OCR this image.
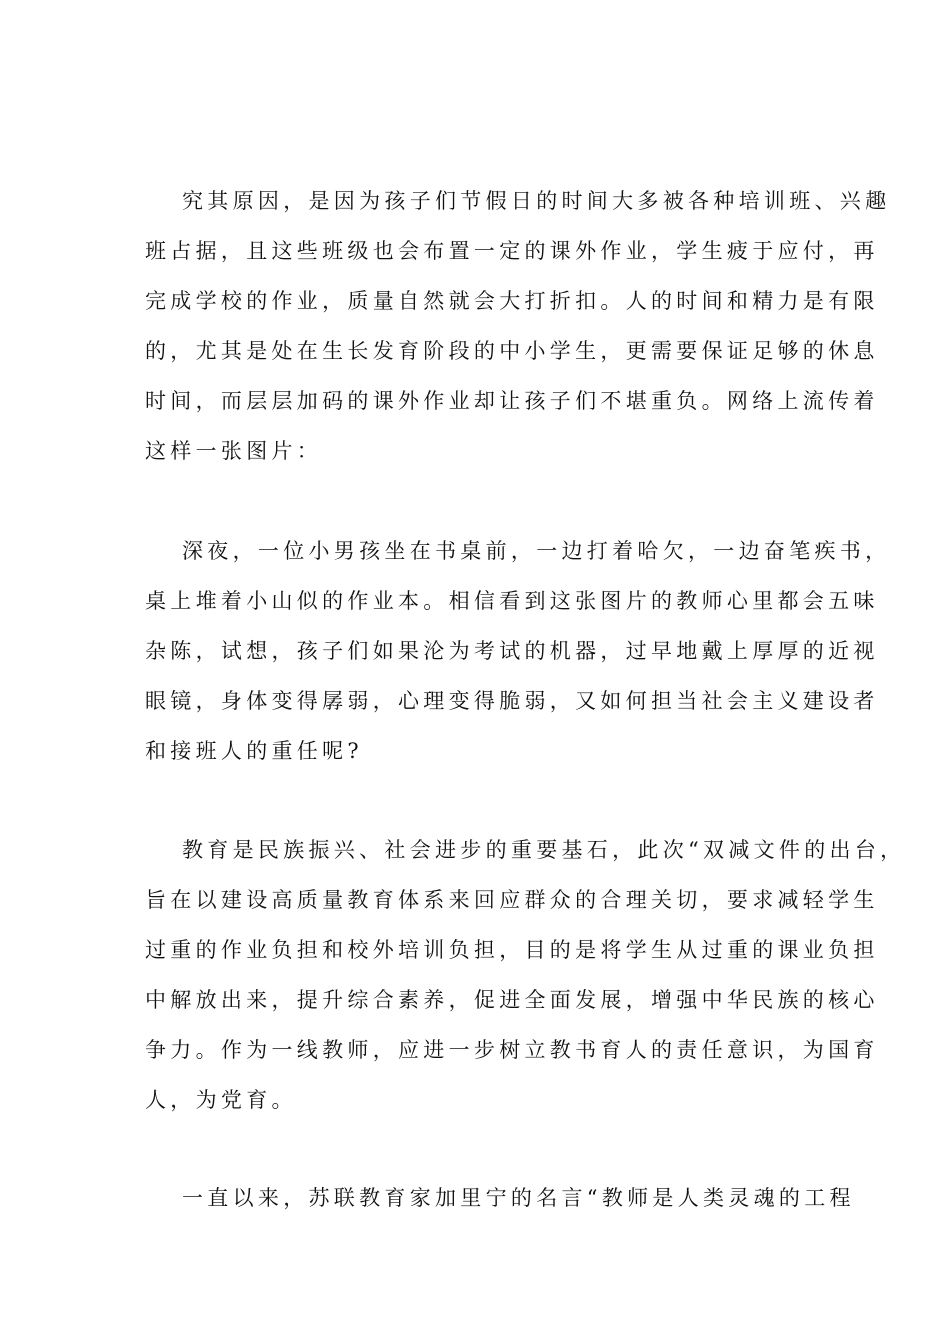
究其原因，是因为孩子们节假日的时间大多被各种培训班、兴趣
班占据，且这些班级也会布置一定的课外作业，学生疲于应付，再
完成学校的作业，质量自然就会大打折扣。人的时间和精力是有限
的，尤其是处在生长发育阶段的中小学生，更需要保证足够的休息
时间，而层层加码的课外作业却让孩子们不堪重负。网络上流传着
这样一张图片：
深夜，一位小男孩坐在书桌前，一边打着哈欠，一边奋笔疾书，
桌上堆着小山似的作业本。相信看到这张图片的教师心里都会五味
杂陈，试想，孩子们如果沦为考试的机器，过早地戴上厚厚的近视
眼镜，身体变得孱弱，心理变得脆弱，又如何担当社会主义建设者
和接班人的重任呢?
教育是民族振兴、社会进步的重要基石，此次“双减文件的出台，
旨在以建设高质量教育体系来回应群众的合理关切，要求减轻学生
过重的作业负担和校外培训负担，目的是将学生从过重的课业负担
中解放出来，提升综合素养，促进全面发展，增强中华民族的核心
争力。作为一线教师，应进一步树立教书育人的责任意识，为国育
人，为党育。
一直以来，苏联教育家加里宁的名言“教师是人类灵魂的工程
